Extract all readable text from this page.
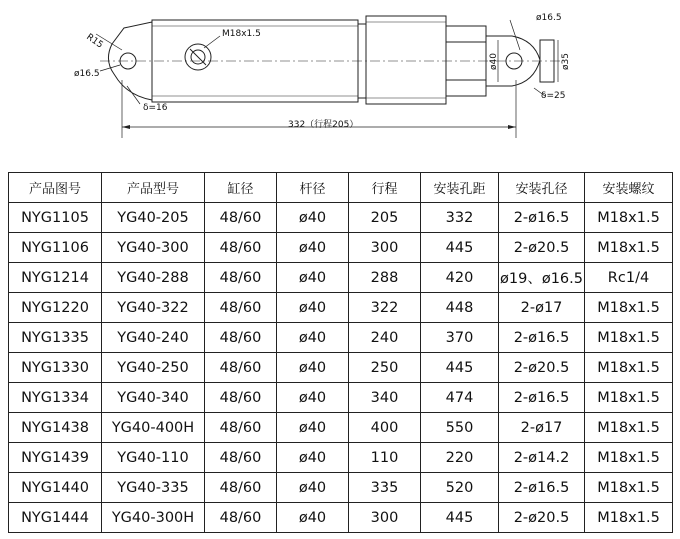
R15
ø16.5
M18x1.5
δ=16
332（行程205）
ø16.5
ø40	ø35
δ=25
产品图号	产品型号	缸径	杆径	行程	安装孔距	安装孔径	安装螺纹
NYG1105	YG40-205	48/60	ø40	205	332	2-ø16.5	M18x1.5
NYG1106	YG40-300	48/60	ø40	300	445	2-ø20.5	M18x1.5
NYG1214	YG40-288	48/60	ø40	288	420	ø19、ø16.5	Rc1/4
NYG1220	YG40-322	48/60	ø40	322	448	2-ø17	M18x1.5
NYG1335	YG40-240	48/60	ø40	240	370	2-ø16.5	M18x1.5
NYG1330	YG40-250	48/60	ø40	250	445	2-ø20.5	M18x1.5
NYG1334	YG40-340	48/60	ø40	340	474	2-ø16.5	M18x1.5
NYG1438	YG40-400H	48/60	ø40	400	550	2-ø17	M18x1.5
NYG1439	YG40-110	48/60	ø40	110	220	2-ø14.2	M18x1.5
NYG1440	YG40-335	48/60	ø40	335	520	2-ø16.5	M18x1.5
NYG1444	YG40-300H	48/60	ø40	300	445	2-ø20.5	M18x1.5
